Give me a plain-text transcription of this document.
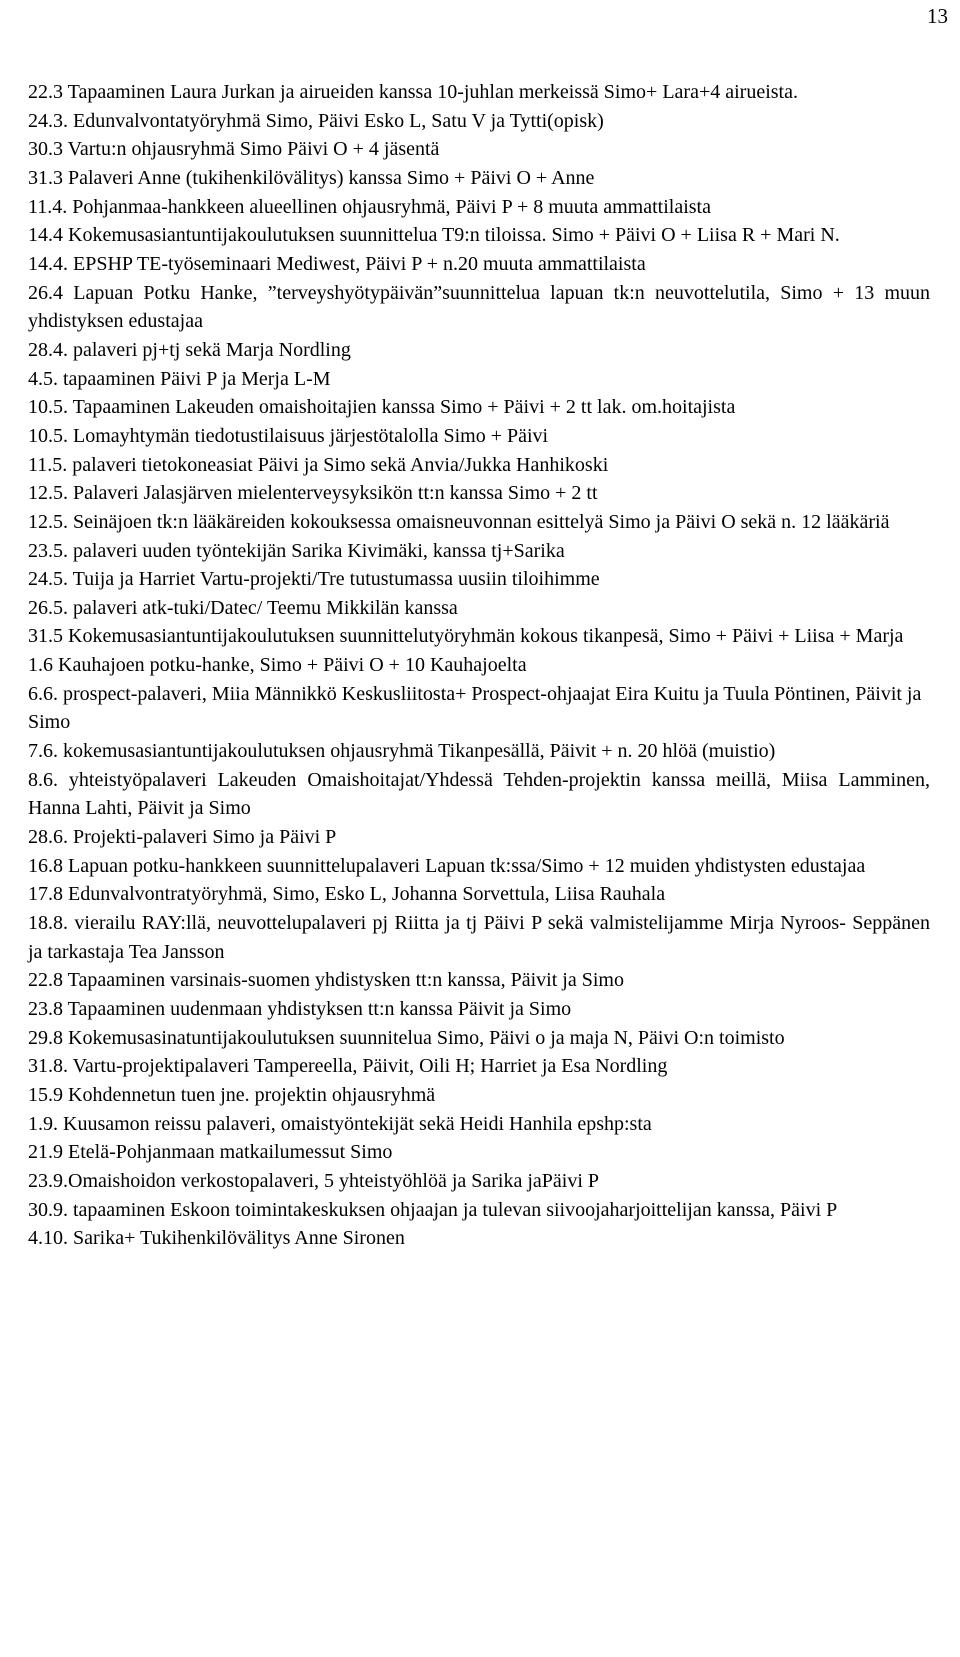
13
22.3 Tapaaminen Laura Jurkan ja airueiden kanssa 10-juhlan merkeissä Simo+ Lara+4 airueista.
24.3. Edunvalvontatyöryhmä Simo, Päivi Esko L, Satu V ja Tytti(opisk)
30.3 Vartu:n ohjausryhmä Simo Päivi O + 4 jäsentä
31.3 Palaveri Anne (tukihenkilövälitys) kanssa Simo + Päivi O + Anne
11.4. Pohjanmaa-hankkeen alueellinen ohjausryhmä, Päivi P + 8 muuta ammattilaista
14.4 Kokemusasiantuntijakoulutuksen suunnittelua T9:n tiloissa. Simo + Päivi O + Liisa R + Mari N.
14.4. EPSHP TE-työseminaari Mediwest, Päivi P + n.20 muuta ammattilaista
26.4 Lapuan Potku Hanke, ”terveyshyötypäivän”suunnittelua lapuan tk:n neuvottelutila, Simo + 13 muun yhdistyksen edustajaa
28.4. palaveri pj+tj sekä Marja Nordling
4.5. tapaaminen Päivi P ja Merja L-M
10.5. Tapaaminen Lakeuden omaishoitajien kanssa Simo + Päivi + 2 tt lak. om.hoitajista
10.5. Lomayhtymän tiedotustilaisuus järjestötalolla Simo + Päivi
11.5. palaveri tietokoneasiat Päivi ja Simo sekä Anvia/Jukka Hanhikoski
12.5. Palaveri Jalasjärven mielenterveysyksikön tt:n kanssa Simo + 2 tt
12.5. Seinäjoen tk:n lääkäreiden kokouksessa omaisneuvonnan esittelyä Simo ja Päivi O sekä n. 12 lääkäriä
23.5. palaveri uuden työntekijän Sarika Kivimäki, kanssa tj+Sarika
24.5. Tuija ja Harriet Vartu-projekti/Tre tutustumassa uusiin tiloihimme
26.5. palaveri atk-tuki/Datec/ Teemu Mikkilän kanssa
31.5 Kokemusasiantuntijakoulutuksen suunnittelutyöryhmän kokous tikanpesä, Simo + Päivi + Liisa + Marja
1.6 Kauhajoen potku-hanke, Simo + Päivi O + 10 Kauhajoelta
6.6. prospect-palaveri, Miia Männikkö Keskusliitosta+ Prospect-ohjaajat Eira Kuitu ja Tuula Pöntinen, Päivit ja Simo
7.6. kokemusasiantuntijakoulutuksen ohjausryhmä Tikanpesällä, Päivit + n. 20 hlöä (muistio)
8.6. yhteistyöpalaveri Lakeuden Omaishoitajat/Yhdessä Tehden-projektin kanssa meillä, Miisa Lamminen, Hanna Lahti, Päivit ja Simo
28.6. Projekti-palaveri Simo ja Päivi P
16.8 Lapuan potku-hankkeen suunnittelupalaveri Lapuan tk:ssa/Simo + 12 muiden yhdistysten edustajaa
17.8 Edunvalvontratyöryhmä, Simo, Esko L, Johanna Sorvettula, Liisa Rauhala
18.8. vierailu RAY:llä, neuvottelupalaveri pj Riitta ja tj Päivi P sekä valmistelijamme Mirja Nyroos- Seppänen ja tarkastaja Tea Jansson
22.8 Tapaaminen varsinais-suomen yhdistysken tt:n kanssa, Päivit ja Simo
23.8 Tapaaminen uudenmaan yhdistyksen tt:n kanssa Päivit ja Simo
29.8 Kokemusasinatuntijakoulutuksen suunnitelua Simo, Päivi o ja maja N, Päivi O:n toimisto
31.8. Vartu-projektipalaveri Tampereella, Päivit, Oili H; Harriet ja Esa Nordling
15.9 Kohdennetun tuen jne. projektin ohjausryhmä
1.9. Kuusamon reissu palaveri, omaistyöntekijät sekä Heidi Hanhila epshp:sta
21.9 Etelä-Pohjanmaan matkailumessut Simo
23.9.Omaishoidon verkostopalaveri, 5 yhteistyöhlöä ja Sarika jaPäivi P
30.9. tapaaminen Eskoon toimintakeskuksen ohjaajan ja tulevan siivoojaharjoittelijan kanssa, Päivi P
4.10. Sarika+ Tukihenkilövälitys Anne Sironen
